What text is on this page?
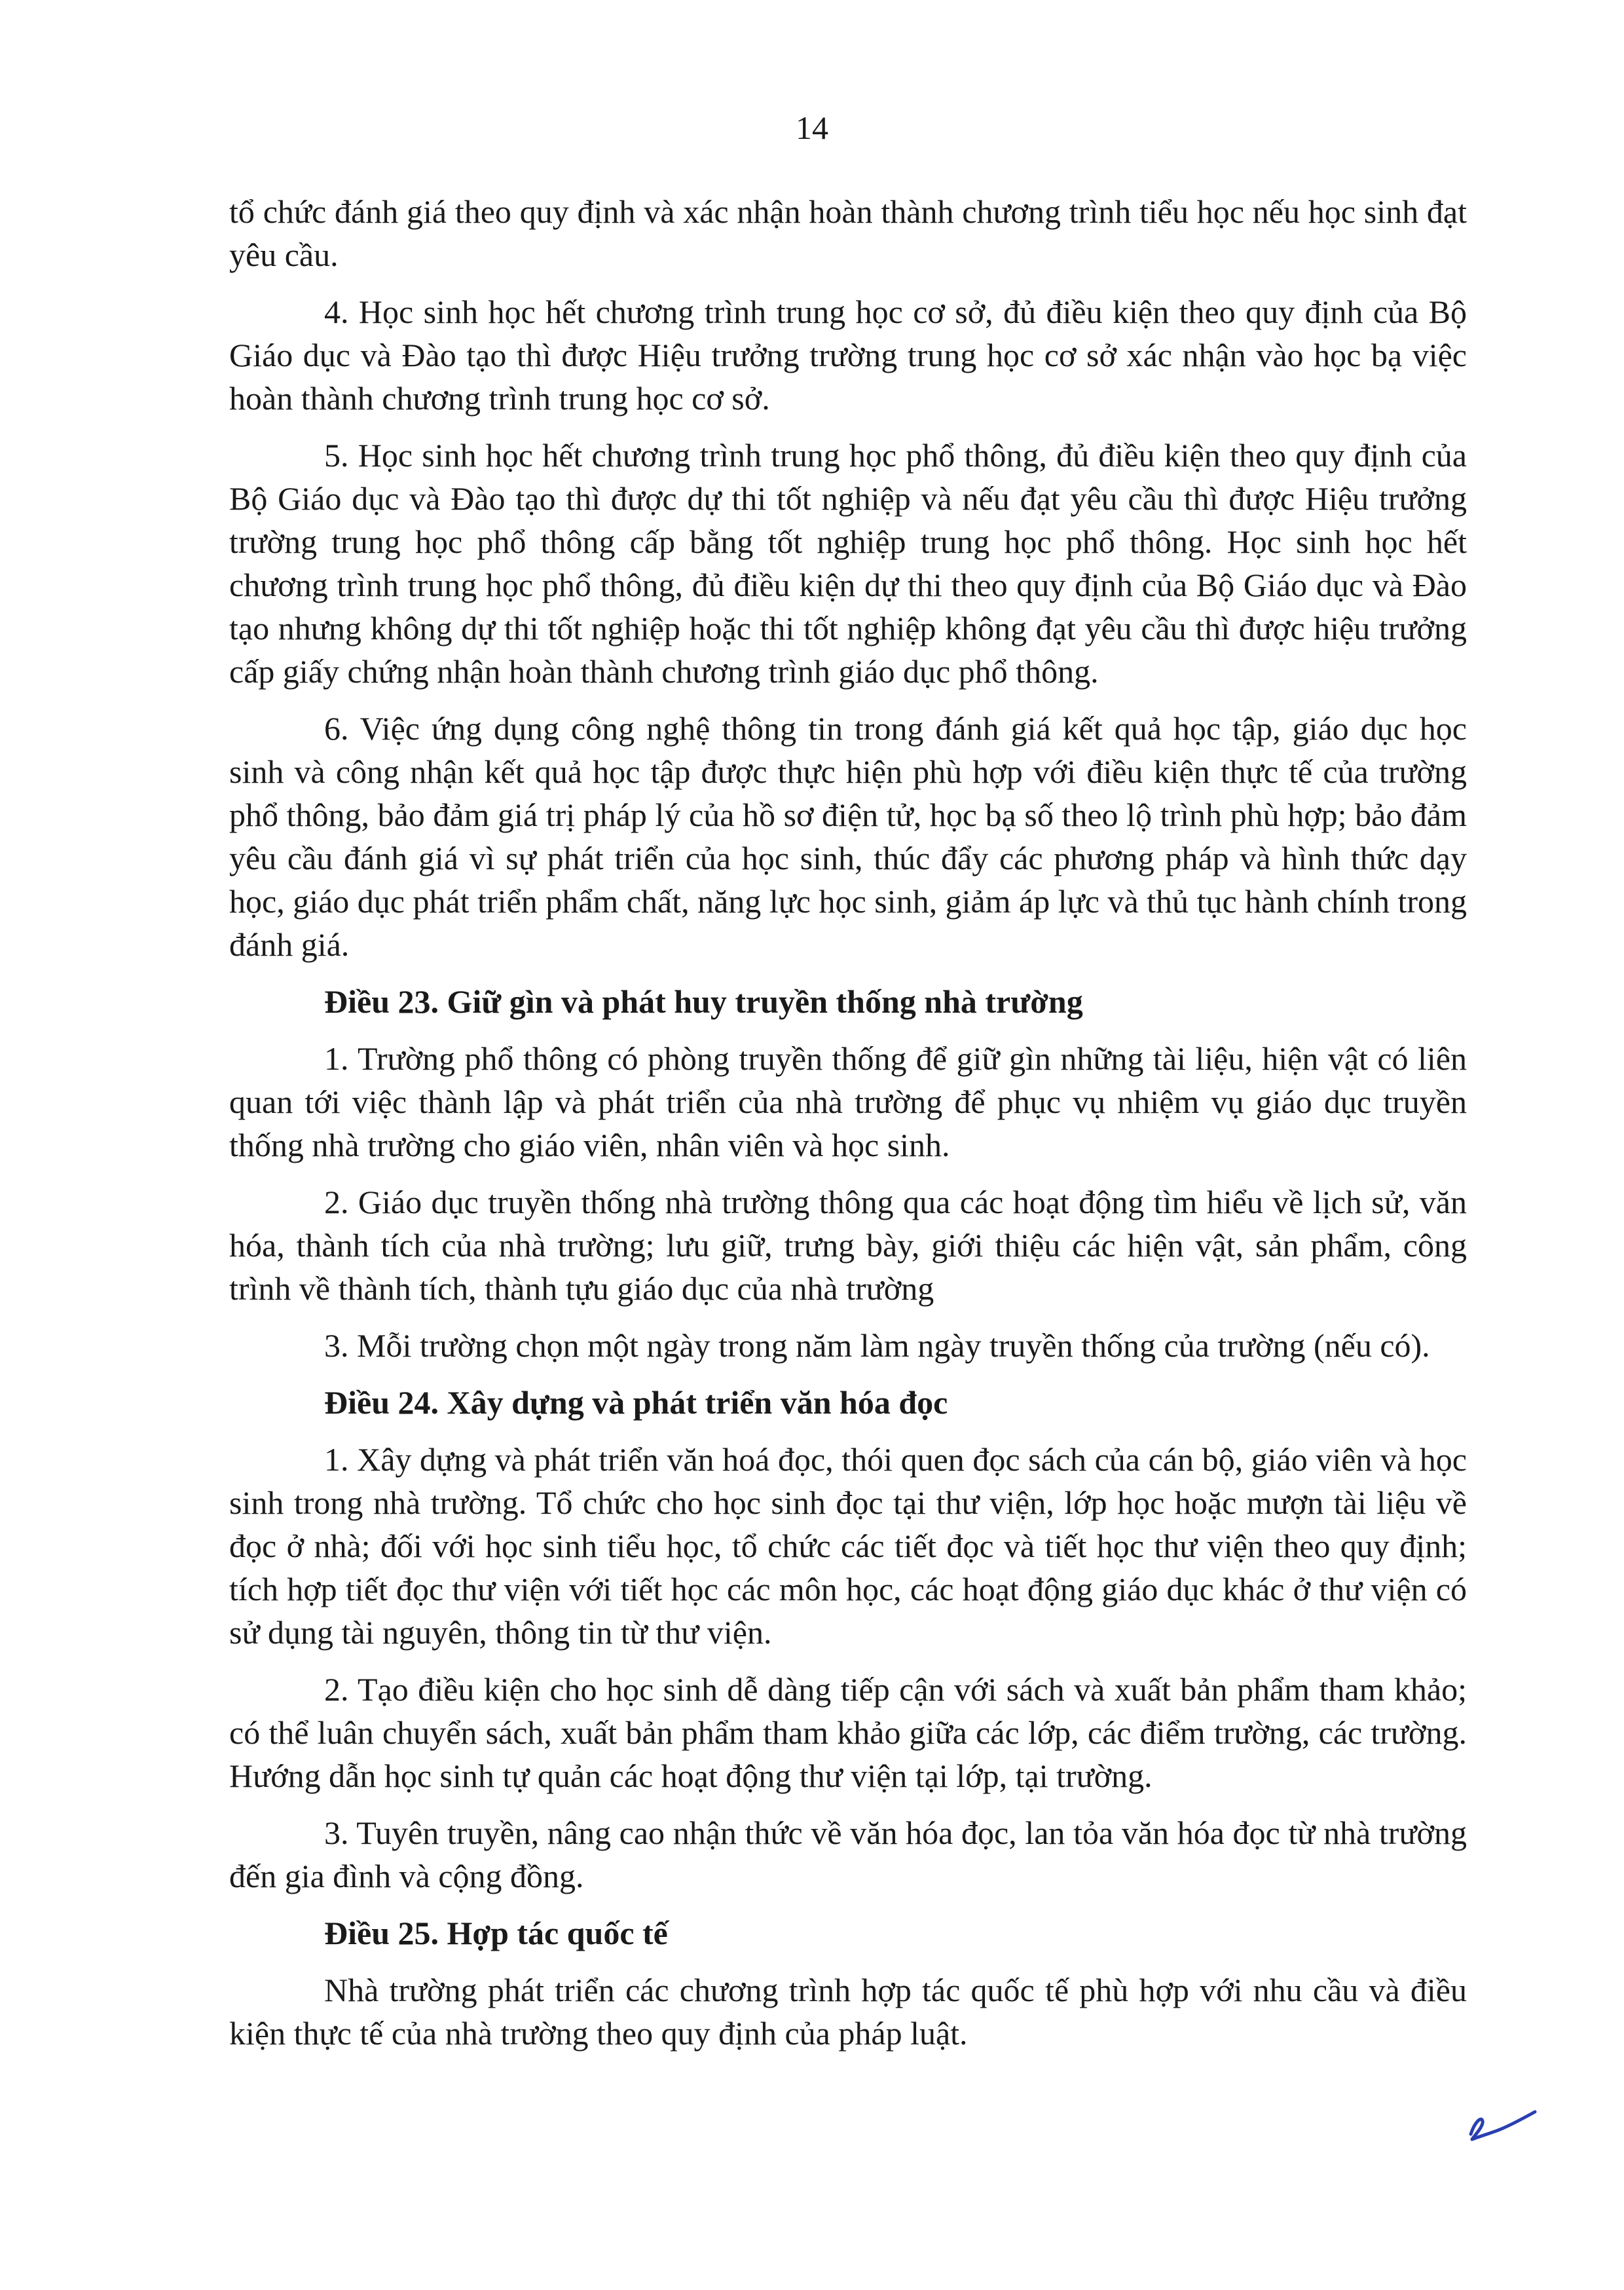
14

tổ chức đánh giá theo quy định và xác nhận hoàn thành chương trình tiểu học nếu học sinh đạt yêu cầu.

4. Học sinh học hết chương trình trung học cơ sở, đủ điều kiện theo quy định của Bộ Giáo dục và Đào tạo thì được Hiệu trưởng trường trung học cơ sở xác nhận vào học bạ việc hoàn thành chương trình trung học cơ sở.

5. Học sinh học hết chương trình trung học phổ thông, đủ điều kiện theo quy định của Bộ Giáo dục và Đào tạo thì được dự thi tốt nghiệp và nếu đạt yêu cầu thì được Hiệu trưởng trường trung học phổ thông cấp bằng tốt nghiệp trung học phổ thông. Học sinh học hết chương trình trung học phổ thông, đủ điều kiện dự thi theo quy định của Bộ Giáo dục và Đào tạo nhưng không dự thi tốt nghiệp hoặc thi tốt nghiệp không đạt yêu cầu thì được hiệu trưởng cấp giấy chứng nhận hoàn thành chương trình giáo dục phổ thông.

6. Việc ứng dụng công nghệ thông tin trong đánh giá kết quả học tập, giáo dục học sinh và công nhận kết quả học tập được thực hiện phù hợp với điều kiện thực tế của trường phổ thông, bảo đảm giá trị pháp lý của hồ sơ điện tử, học bạ số theo lộ trình phù hợp; bảo đảm yêu cầu đánh giá vì sự phát triển của học sinh, thúc đẩy các phương pháp và hình thức dạy học, giáo dục phát triển phẩm chất, năng lực học sinh, giảm áp lực và thủ tục hành chính trong đánh giá.

Điều 23. Giữ gìn và phát huy truyền thống nhà trường

1. Trường phổ thông có phòng truyền thống để giữ gìn những tài liệu, hiện vật có liên quan tới việc thành lập và phát triển của nhà trường để phục vụ nhiệm vụ giáo dục truyền thống nhà trường cho giáo viên, nhân viên và học sinh.

2. Giáo dục truyền thống nhà trường thông qua các hoạt động tìm hiểu về lịch sử, văn hóa, thành tích của nhà trường; lưu giữ, trưng bày, giới thiệu các hiện vật, sản phẩm, công trình về thành tích, thành tựu giáo dục của nhà trường

3. Mỗi trường chọn một ngày trong năm làm ngày truyền thống của trường (nếu có).

Điều 24. Xây dựng và phát triển văn hóa đọc

1. Xây dựng và phát triển văn hoá đọc, thói quen đọc sách của cán bộ, giáo viên và học sinh trong nhà trường. Tổ chức cho học sinh đọc tại thư viện, lớp học hoặc mượn tài liệu về đọc ở nhà; đối với học sinh tiểu học, tổ chức các tiết đọc và tiết học thư viện theo quy định; tích hợp tiết đọc thư viện với tiết học các môn học, các hoạt động giáo dục khác ở thư viện có sử dụng tài nguyên, thông tin từ thư viện.

2. Tạo điều kiện cho học sinh dễ dàng tiếp cận với sách và xuất bản phẩm tham khảo; có thể luân chuyển sách, xuất bản phẩm tham khảo giữa các lớp, các điểm trường, các trường. Hướng dẫn học sinh tự quản các hoạt động thư viện tại lớp, tại trường.

3. Tuyên truyền, nâng cao nhận thức về văn hóa đọc, lan tỏa văn hóa đọc từ nhà trường đến gia đình và cộng đồng.

Điều 25. Hợp tác quốc tế

Nhà trường phát triển các chương trình hợp tác quốc tế phù hợp với nhu cầu và điều kiện thực tế của nhà trường theo quy định của pháp luật.
